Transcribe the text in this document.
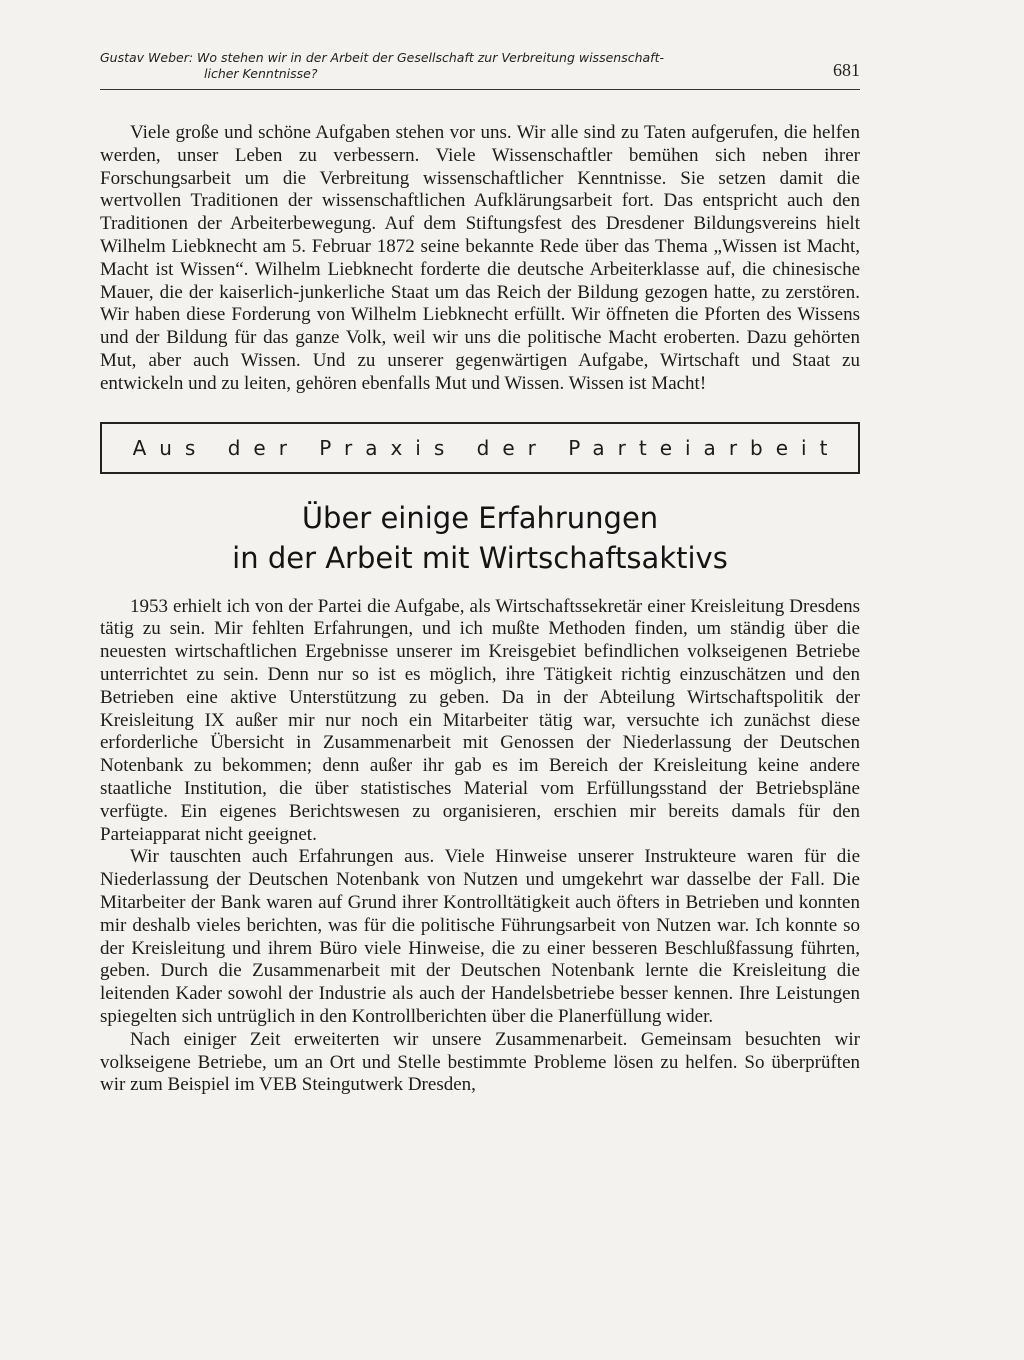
Gustav Weber: Wo stehen wir in der Arbeit der Gesellschaft zur Verbreitung wissenschaft-
licher Kenntnisse?	681

Viele große und schöne Aufgaben stehen vor uns. Wir alle sind zu Taten aufgerufen, die helfen werden, unser Leben zu verbessern. Viele Wissenschaftler bemühen sich neben ihrer Forschungsarbeit um die Verbreitung wissenschaftlicher Kenntnisse. Sie setzen damit die wertvollen Traditionen der wissenschaftlichen Aufklärungsarbeit fort. Das entspricht auch den Traditionen der Arbeiterbewegung. Auf dem Stiftungsfest des Dresdener Bildungsvereins hielt Wilhelm Liebknecht am 5. Februar 1872 seine bekannte Rede über das Thema „Wissen ist Macht, Macht ist Wissen“. Wilhelm Liebknecht forderte die deutsche Arbeiterklasse auf, die chinesische Mauer, die der kaiserlich-junkerliche Staat um das Reich der Bildung gezogen hatte, zu zerstören. Wir haben diese Forderung von Wilhelm Liebknecht erfüllt. Wir öffneten die Pforten des Wissens und der Bildung für das ganze Volk, weil wir uns die politische Macht eroberten. Dazu gehörten Mut, aber auch Wissen. Und zu unserer gegenwärtigen Aufgabe, Wirtschaft und Staat zu entwickeln und zu leiten, gehören ebenfalls Mut und Wissen. Wissen ist Macht!

Aus der Praxis der Parteiarbeit
Über einige Erfahrungen
in der Arbeit mit Wirtschaftsaktivs

1953 erhielt ich von der Partei die Aufgabe, als Wirtschaftssekretär einer Kreisleitung Dresdens tätig zu sein. Mir fehlten Erfahrungen, und ich mußte Methoden finden, um ständig über die neuesten wirtschaftlichen Ergebnisse unserer im Kreisgebiet befindlichen volkseigenen Betriebe unterrichtet zu sein. Denn nur so ist es möglich, ihre Tätigkeit richtig einzuschätzen und den Betrieben eine aktive Unterstützung zu geben. Da in der Abteilung Wirtschaftspolitik der Kreisleitung IX außer mir nur noch ein Mitarbeiter tätig war, versuchte ich zunächst diese erforderliche Übersicht in Zusammenarbeit mit Genossen der Niederlassung der Deutschen Notenbank zu bekommen; denn außer ihr gab es im Bereich der Kreisleitung keine andere staatliche Institution, die über statistisches Material vom Erfüllungsstand der Betriebspläne verfügte. Ein eigenes Berichtswesen zu organisieren, erschien mir bereits damals für den Parteiapparat nicht geeignet.

Wir tauschten auch Erfahrungen aus. Viele Hinweise unserer Instrukteure waren für die Niederlassung der Deutschen Notenbank von Nutzen und umgekehrt war dasselbe der Fall. Die Mitarbeiter der Bank waren auf Grund ihrer Kontrolltätigkeit auch öfters in Betrieben und konnten mir deshalb vieles berichten, was für die politische Führungsarbeit von Nutzen war. Ich konnte so der Kreisleitung und ihrem Büro viele Hinweise, die zu einer besseren Beschlußfassung führten, geben. Durch die Zusammenarbeit mit der Deutschen Notenbank lernte die Kreisleitung die leitenden Kader sowohl der Industrie als auch der Handelsbetriebe besser kennen. Ihre Leistungen spiegelten sich untrüglich in den Kontrollberichten über die Planerfüllung wider.

Nach einiger Zeit erweiterten wir unsere Zusammenarbeit. Gemeinsam besuchten wir volkseigene Betriebe, um an Ort und Stelle bestimmte Probleme lösen zu helfen. So überprüften wir zum Beispiel im VEB Steingutwerk Dresden,
